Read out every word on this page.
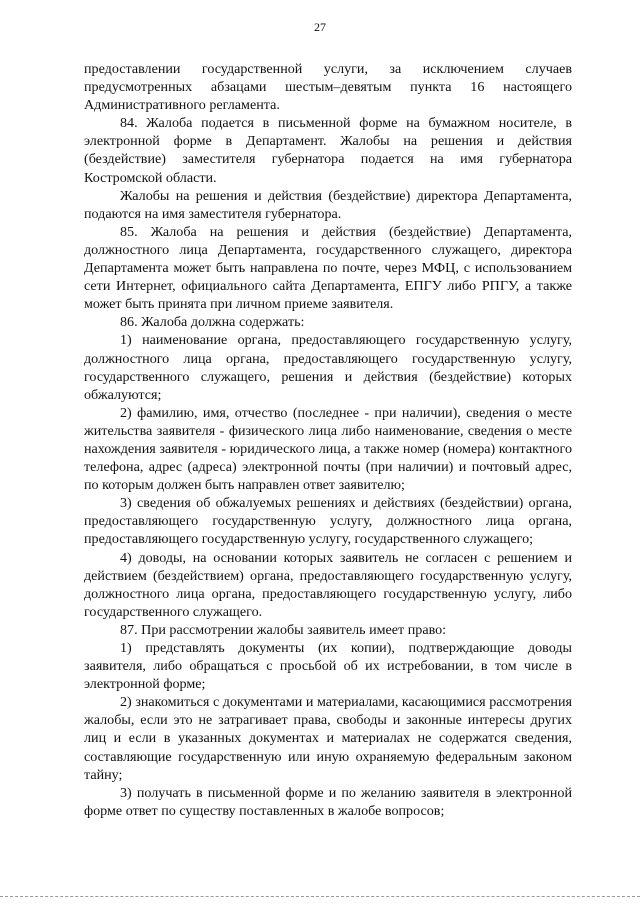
27

предоставлении государственной услуги, за исключением случаев предусмотренных абзацами шестым–девятым пункта 16 настоящего Административного регламента.

84. Жалоба подается в письменной форме на бумажном носителе, в электронной форме в Департамент. Жалобы на решения и действия (бездействие) заместителя губернатора подается на имя губернатора Костромской области.

Жалобы на решения и действия (бездействие) директора Департамента, подаются на имя заместителя губернатора.

85. Жалоба на решения и действия (бездействие) Департамента, должностного лица Департамента, государственного служащего, директора Департамента может быть направлена по почте, через МФЦ, с использованием сети Интернет, официального сайта Департамента, ЕПГУ либо РПГУ, а также может быть принята при личном приеме заявителя.

86. Жалоба должна содержать:

1) наименование органа, предоставляющего государственную услугу, должностного лица органа, предоставляющего государственную услугу, государственного служащего, решения и действия (бездействие) которых обжалуются;

2) фамилию, имя, отчество (последнее - при наличии), сведения о месте жительства заявителя - физического лица либо наименование, сведения о месте нахождения заявителя - юридического лица, а также номер (номера) контактного телефона, адрес (адреса) электронной почты (при наличии) и почтовый адрес, по которым должен быть направлен ответ заявителю;

3) сведения об обжалуемых решениях и действиях (бездействии) органа, предоставляющего государственную услугу, должностного лица органа, предоставляющего государственную услугу, государственного служащего;

4) доводы, на основании которых заявитель не согласен с решением и действием (бездействием) органа, предоставляющего государственную услугу, должностного лица органа, предоставляющего государственную услугу, либо государственного служащего.

87. При рассмотрении жалобы заявитель имеет право:

1) представлять документы (их копии), подтверждающие доводы заявителя, либо обращаться с просьбой об их истребовании, в том числе в электронной форме;

2) знакомиться с документами и материалами, касающимися рассмотрения жалобы, если это не затрагивает права, свободы и законные интересы других лиц и если в указанных документах и материалах не содержатся сведения, составляющие государственную или иную охраняемую федеральным законом тайну;

3) получать в письменной форме и по желанию заявителя в электронной форме ответ по существу поставленных в жалобе вопросов;
